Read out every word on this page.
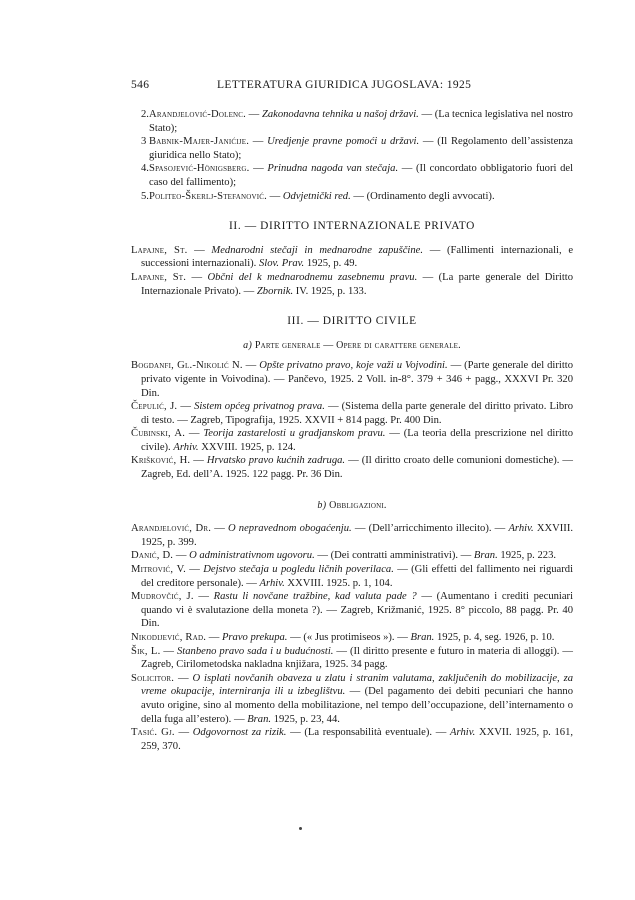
546	LETTERATURA GIURIDICA JUGOSLAVA: 1925

2. Arandjelović-Dolenc. — Zakonodavna tehnika u našoj državi. — (La tecnica legislativa nel nostro Stato);

3 Babnik-Majer-Janićije. — Uredjenje pravne pomoći u državi. — (Il Regolamento dell’assistenza giuridica nello Stato);

4. Spasojević-Hönigsberg. — Prinudna nagoda van stečaja. — (Il concordato obbligatorio fuori del caso del fallimento);

5. Politeo-Škerlj-Stefanović. — Odvjetnički red. — (Ordinamento degli avvocati).

II. — DIRITTO INTERNAZIONALE PRIVATO

Lapajne, St. — Mednarodni stečaji in mednarodne zapuščine. — (Fallimenti internazionali, e successioni internazionali). Slov. Prav. 1925, p. 49.

Lapajne, St. — Občni del k mednarodnemu zasebnemu pravu. — (La parte generale del Diritto Internazionale Privato). — Zbornik. IV. 1925, p. 133.

III. — DIRITTO CIVILE

a) Parte generale — Opere di carattere generale.

Bogdanfi, Gl.-Nikolić N. — Opšte privatno pravo, koje važi u Vojvodini. — (Parte generale del diritto privato vigente in Voivodina). — Pančevo, 1925. 2 Voll. in-8°. 379 + 346 + pagg., XXXVI Pr. 320 Din.

Čepulić, J. — Sistem općeg privatnog prava. — (Sistema della parte generale del diritto privato. Libro di testo. — Zagreb, Tipografija, 1925. XXVII + 814 pagg. Pr. 400 Din.

Čubinski, A. — Teorija zastarelosti u gradjanskom pravu. — (La teoria della prescrizione nel diritto civile). Arhiv. XXVIII. 1925, p. 124.

Krišković, H. — Hrvatsko pravo kućnih zadruga. — (Il diritto croato delle comunioni domestiche). — Zagreb, Ed. dell’A. 1925. 122 pagg. Pr. 36 Din.

b) Obbligazioni.

Arandjelović, Dr. — O nepravednom obogaćenju. — (Dell’arricchimento illecito). — Arhiv. XXVIII. 1925, p. 399.

Danić, D. — O administrativnom ugovoru. — (Dei contratti amministrativi). — Bran. 1925, p. 223.

Mitrović, V. — Dejstvo stečaja u pogledu ličnih poverilaca. — (Gli effetti del fallimento nei riguardi del creditore personale). — Arhiv. XXVIII. 1925. p. 1, 104.

Mudrovčić, J. — Rastu li novčane tražbine, kad valuta pade ? — (Aumentano i crediti pecuniari quando vi è svalutazione della moneta ?). — Zagreb, Križmanić, 1925. 8° piccolo, 88 pagg. Pr. 40 Din.

Nikodijević, Rad. — Pravo prekupa. — (« Jus protimiseos »). — Bran. 1925, p. 4, seg. 1926, p. 10.

Šik, L. — Stanbeno pravo sada i u budućnosti. — (Il diritto presente e futuro in materia di alloggi). — Zagreb, Cirilometodska nakladna knjižara, 1925. 34 pagg.

Solicitor. — O isplati novčanih obaveza u zlatu i stranim valutama, zaključenih do mobilizacije, za vreme okupacije, interniranja ili u izbeglištvu. — (Del pagamento dei debiti pecuniari che hanno avuto origine, sino al momento della mobilitazione, nel tempo dell’occupazione, dell’internamento o della fuga all’estero). — Bran. 1925, p. 23, 44.

Tasić. Gj. — Odgovornost za rizik. — (La responsabilità eventuale). — Arhiv. XXVII. 1925, p. 161, 259, 370.
